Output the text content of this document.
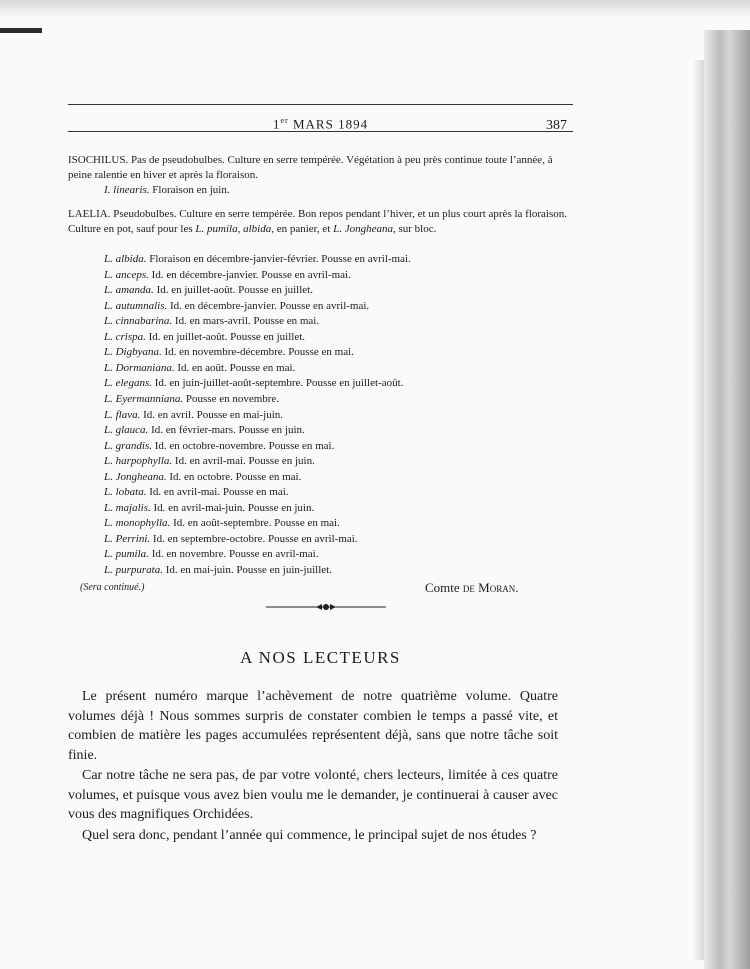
1er MARS 1894	387
ISOCHILUS. Pas de pseudobulbes. Culture en serre tempérée. Végétation à peu près continue toute l’année, à peine ralentie en hiver et après la floraison.
I. linearis. Floraison en juin.
LAELIA. Pseudobulbes. Culture en serre tempérée. Bon repos pendant l’hiver, et un plus court après la floraison. Culture en pot, sauf pour les L. pumila, albida, en panier, et L. Jongheana, sur bloc.
L. albida. Floraison en décembre-janvier-février. Pousse en avril-mai.
L. anceps. Id. en décembre-janvier. Pousse en avril-mai.
L. amanda. Id. en juillet-août. Pousse en juillet.
L. autumnalis. Id. en décembre-janvier. Pousse en avril-mai.
L. cinnabarina. Id. en mars-avril. Pousse en mai.
L. crispa. Id. en juillet-août. Pousse en juillet.
L. Digbyana. Id. en novembre-décembre. Pousse en mai.
L. Dormaniana. Id. en août. Pousse en mai.
L. elegans. Id. en juin-juillet-août-septembre. Pousse en juillet-août.
L. Eyermanniana. Pousse en novembre.
L. flava. Id. en avril. Pousse en mai-juin.
L. glauca. Id. en février-mars. Pousse en juin.
L. grandis. Id. en octobre-novembre. Pousse en mai.
L. harpophylla. Id. en avril-mai. Pousse en juin.
L. Jongheana. Id. en octobre. Pousse en mai.
L. lobata. Id. en avril-mai. Pousse en mai.
L. majalis. Id. en avril-mai-juin. Pousse en juin.
L. monophylla. Id. en août-septembre. Pousse en mai.
L. Perrini. Id. en septembre-octobre. Pousse en avril-mai.
L. pumila. Id. en novembre. Pousse en avril-mai.
L. purpurata. Id. en mai-juin. Pousse en juin-juillet.
(Sera continué.)	Comte de Moran.
A NOS LECTEURS
Le présent numéro marque l’achèvement de notre quatrième volume. Quatre volumes déjà ! Nous sommes surpris de constater combien le temps a passé vite, et combien de matière les pages accumulées représentent déjà, sans que notre tâche soit finie.
Car notre tâche ne sera pas, de par votre volonté, chers lecteurs, limitée à ces quatre volumes, et puisque vous avez bien voulu me le demander, je continuerai à causer avec vous des magnifiques Orchidées.
Quel sera donc, pendant l’année qui commence, le principal sujet de nos études ?
